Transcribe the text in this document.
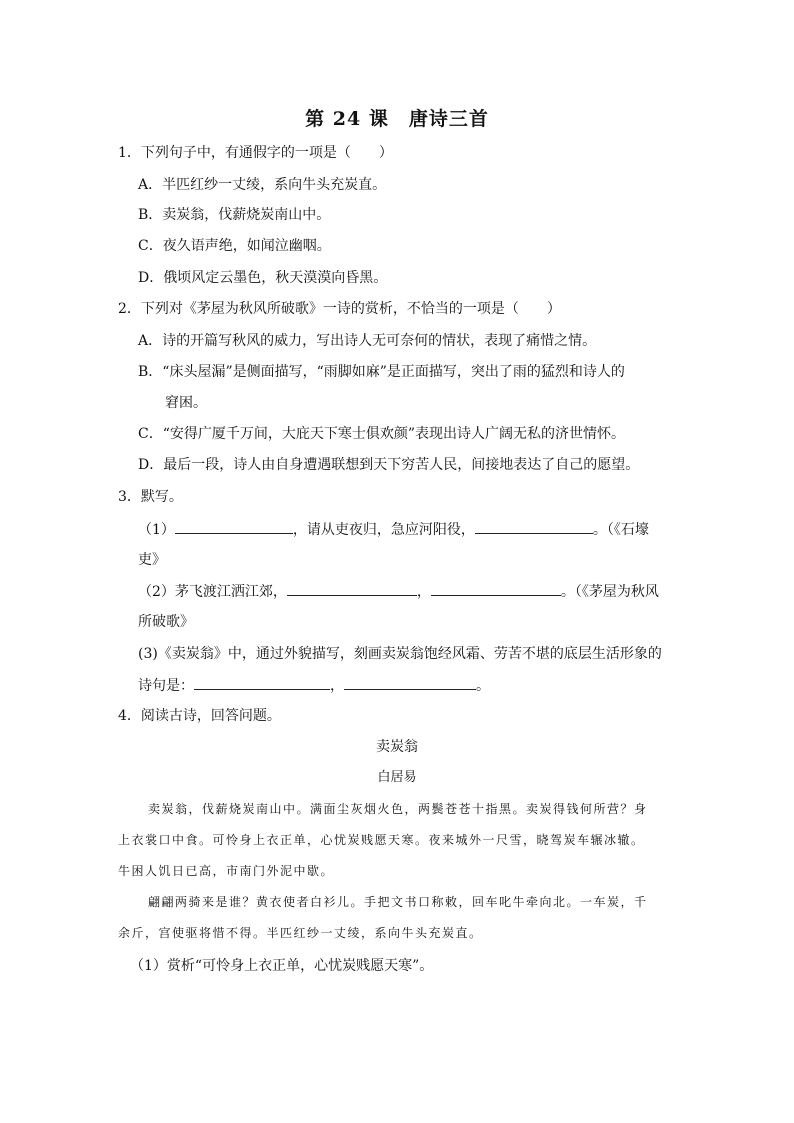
第 24 课　唐诗三首
1．下列句子中，有通假字的一项是（　　）
A．半匹红纱一丈绫，系向牛头充炭直。
B．卖炭翁，伐薪烧炭南山中。
C．夜久语声绝，如闻泣幽咽。
D．俄顷风定云墨色，秋天漠漠向昏黑。
2．下列对《茅屋为秋风所破歌》一诗的赏析，不恰当的一项是（　　）
A．诗的开篇写秋风的威力，写出诗人无可奈何的情状，表现了痛惜之情。
B．“床头屋漏”是侧面描写，“雨脚如麻”是正面描写，突出了雨的猛烈和诗人的
窘困。
C．“安得广厦千万间，大庇天下寒士俱欢颜”表现出诗人广阔无私的济世情怀。
D．最后一段，诗人由自身遭遇联想到天下穷苦人民，间接地表达了自己的愿望。
3．默写。
（1）	，请从吏夜归，急应河阳役，	。（《石壕
吏》
（2）茅飞渡江洒江郊，	，	。（《茅屋为秋风
所破歌》
(3)《卖炭翁》中，通过外貌描写，刻画卖炭翁饱经风霜、劳苦不堪的底层生活形象的
诗句是：	，	。
4．阅读古诗，回答问题。
卖炭翁
白居易
卖炭翁，伐薪烧炭南山中。满面尘灰烟火色，两鬓苍苍十指黑。卖炭得钱何所营？身
上衣裳口中食。可怜身上衣正单，心忧炭贱愿天寒。夜来城外一尺雪，晓驾炭车辗冰辙。
牛困人饥日已高，市南门外泥中歇。
翩翩两骑来是谁？黄衣使者白衫儿。手把文书口称敕，回车叱牛牵向北。一车炭，千
余斤，宫使驱将惜不得。半匹红纱一丈绫，系向牛头充炭直。
（1）赏析“可怜身上衣正单，心忧炭贱愿天寒”。
